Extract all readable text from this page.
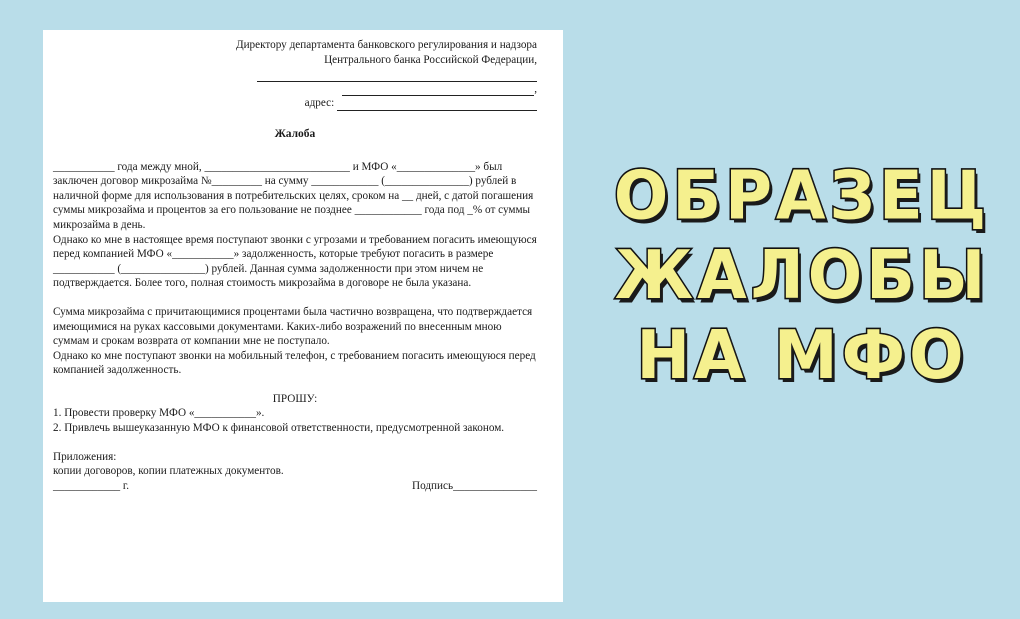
Директору департамента банковского регулирования и надзора
Центрального банка Российской Федерации,
,
адрес:
Жалоба

___________ года между мной, __________________________ и МФО «______________» был заключен договор микрозайма №_________ на сумму ____________ (_______________) рублей в наличной форме для использования в потребительских целях, сроком на __ дней, с датой погашения суммы микрозайма и процентов за его пользование не позднее ____________ года под _% от суммы микрозайма в день.

Однако ко мне в настоящее время поступают звонки с угрозами и требованием погасить имеющуюся перед компанией МФО «___________» задолженность, которые требуют погасить в размере ___________ (_______________) рублей. Данная сумма задолженности при этом ничем не подтверждается. Более того, полная стоимость микрозайма в договоре не была указана.

Сумма микрозайма с причитающимися процентами была частично возвращена, что подтверждается имеющимися на руках кассовыми документами. Каких-либо возражений по внесенным мною суммам и срокам возврата от компании мне не поступало.

Однако ко мне поступают звонки на мобильный телефон, с требованием погасить имеющуюся перед компанией задолженность.

ПРОШУ:

1. Провести проверку МФО «___________».

2. Привлечь вышеуказанную МФО к финансовой ответственности, предусмотренной законом.

Приложения:

копии договоров, копии платежных документов.

____________ г.	Подпись_______________
ОБРАЗЕЦ
ЖАЛОБЫ
НА МФО
